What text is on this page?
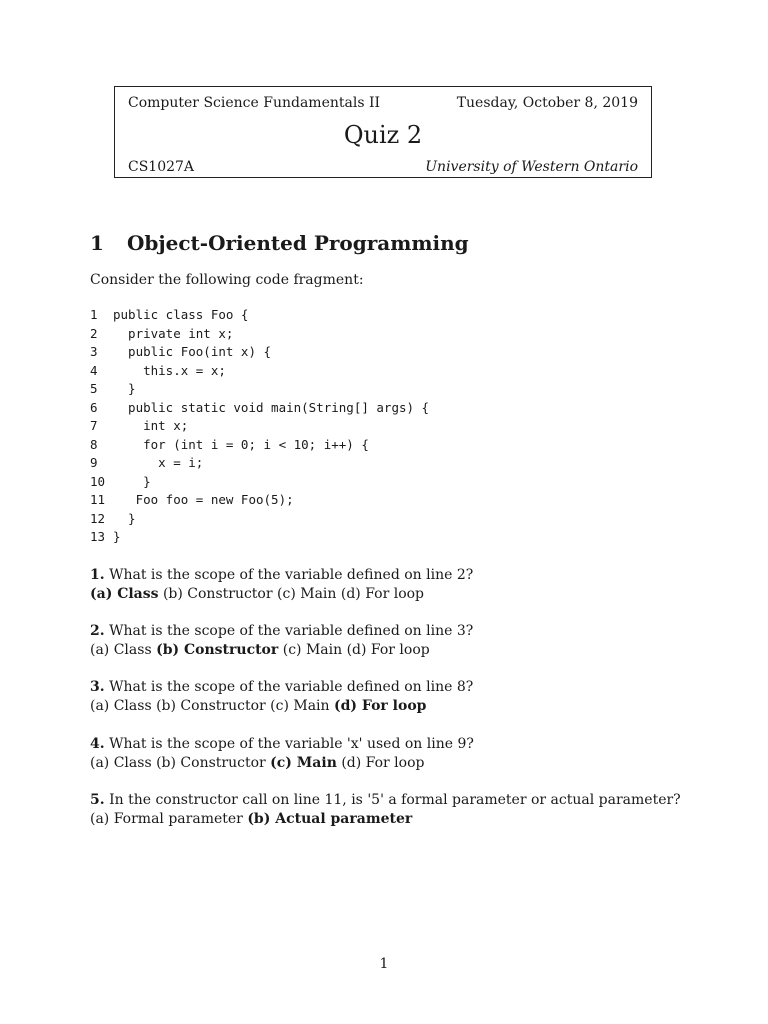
Computer Science Fundamentals II	Tuesday, October 8, 2019
Quiz 2
CS1027A	University of Western Ontario
1	Object-Oriented Programming
Consider the following code fragment:
1	public class Foo {
2	private int x;
3	public Foo(int x) {
4	this.x = x;
5	}
6	public static void main(String[] args) {
7	int x;
8	for (int i = 0; i < 10; i++) {
9	x = i;
10 }
11 Foo foo = new Foo(5);
12 }
13 }
1. What is the scope of the variable defined on line 2?
(a) Class (b) Constructor (c) Main (d) For loop
2. What is the scope of the variable defined on line 3?
(a) Class (b) Constructor (c) Main (d) For loop
3. What is the scope of the variable defined on line 8?
(a) Class (b) Constructor (c) Main (d) For loop
4. What is the scope of the variable 'x' used on line 9?
(a) Class (b) Constructor (c) Main (d) For loop
5. In the constructor call on line 11, is '5' a formal parameter or actual parameter?
(a) Formal parameter (b) Actual parameter
1
